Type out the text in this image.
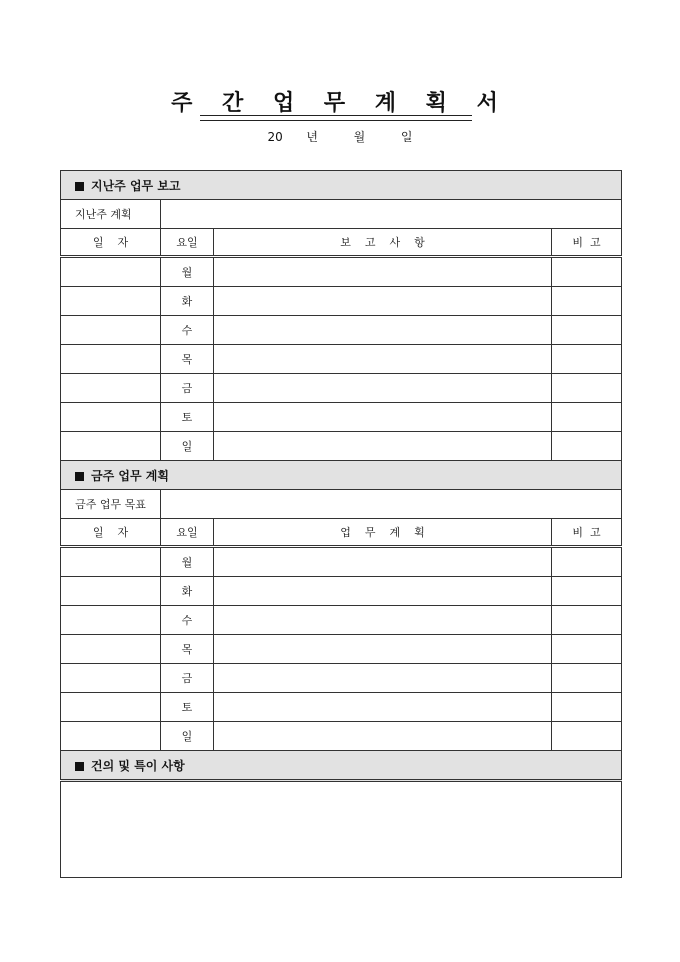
주 간 업 무 계 획 서
20 년	월	일
지난주 업무 보고			
지난주 계획			
일    자	요일	보    고    사    항	비  고
	월		
	화		
	수		
	목		
	금		
	토		
	일		
금주 업무 계획			
금주 업무 목표			
일    자	요일	업    무    계    획	비  고
	월		
	화		
	수		
	목		
	금		
	토		
	일		
건의 및 특이 사항			
